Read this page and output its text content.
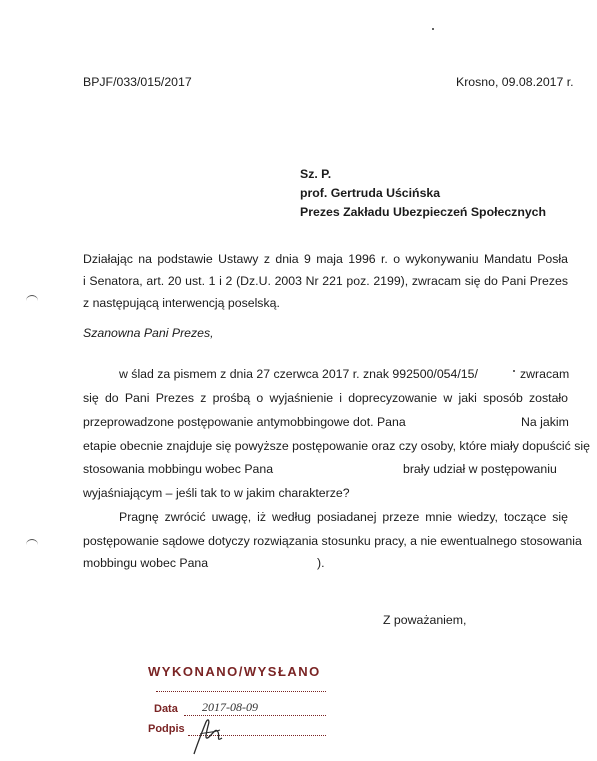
BPJF/033/015/2017	Krosno, 09.08.2017 r.
Sz. P.
prof. Gertruda Uścińska
Prezes Zakładu Ubezpieczeń Społecznych
Działając na podstawie Ustawy z dnia 9 maja 1996 r. o wykonywaniu Mandatu Posła
i Senatora, art. 20 ust. 1 i 2 (Dz.U. 2003 Nr 221 poz. 2199), zwracam się do Pani Prezes
z następującą interwencją poselską.
Szanowna Pani Prezes,
w ślad za pismem z dnia 27 czerwca 2017 r. znak 992500/054/15/	zwracam
się do Pani Prezes z prośbą o wyjaśnienie i doprecyzowanie w jaki sposób zostało
przeprowadzone postępowanie antymobbingowe dot. Pana	Na jakim
etapie obecnie znajduje się powyższe postępowanie oraz czy osoby, które miały dopuścić się
stosowania mobbingu wobec Pana	brały udział w postępowaniu
wyjaśniającym – jeśli tak to w jakim charakterze?
Pragnę zwrócić uwagę, iż według posiadanej przeze mnie wiedzy, toczące się
postępowanie sądowe dotyczy rozwiązania stosunku pracy, a nie ewentualnego stosowania
mobbingu wobec Pana	).
Z poważaniem,
WYKONANO/WYSŁANO
Data 2017-08-09
Podpis
